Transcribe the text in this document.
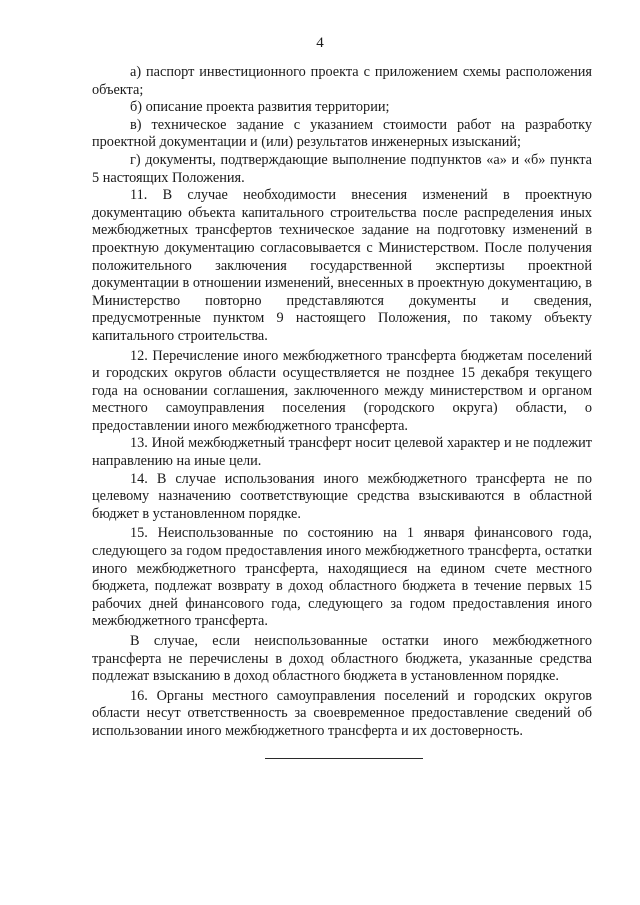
4

а) паспорт инвестиционного проекта с приложением схемы расположения объекта;

б) описание проекта развития территории;

в) техническое задание с указанием стоимости работ на разработку проектной документации и (или) результатов инженерных изысканий;

г) документы, подтверждающие выполнение подпунктов «а» и «б» пункта 5 настоящих Положения.

11. В случае необходимости внесения изменений в проектную документацию объекта капитального строительства после распределения иных межбюджетных трансфертов техническое задание на подготовку изменений в проектную документацию согласовывается с Министерством. После получения положительного заключения государственной экспертизы проектной документации в отношении изменений, внесенных в проектную документацию, в Министерство повторно представляются документы и сведения, предусмотренные пунктом 9 настоящего Положения, по такому объекту капитального строительства.

12. Перечисление иного межбюджетного трансферта бюджетам поселений и городских округов области осуществляется не позднее 15 декабря текущего года на основании соглашения, заключенного между министерством и органом местного самоуправления поселения (городского округа) области, о предоставлении иного межбюджетного трансферта.

13. Иной межбюджетный трансферт носит целевой характер и не подлежит направлению на иные цели.

14. В случае использования иного межбюджетного трансферта не по целевому назначению соответствующие средства взыскиваются в областной бюджет в установленном порядке.

15. Неиспользованные по состоянию на 1 января финансового года, следующего за годом предоставления иного межбюджетного трансферта, остатки иного межбюджетного трансферта, находящиеся на едином счете местного бюджета, подлежат возврату в доход областного бюджета в течение первых 15 рабочих дней финансового года, следующего за годом предоставления иного межбюджетного трансферта.

В случае, если неиспользованные остатки иного межбюджетного трансферта не перечислены в доход областного бюджета, указанные средства подлежат взысканию в доход областного бюджета в установленном порядке.

16. Органы местного самоуправления поселений и городских округов области несут ответственность за своевременное предоставление сведений об использовании иного межбюджетного трансферта и их достоверность.
